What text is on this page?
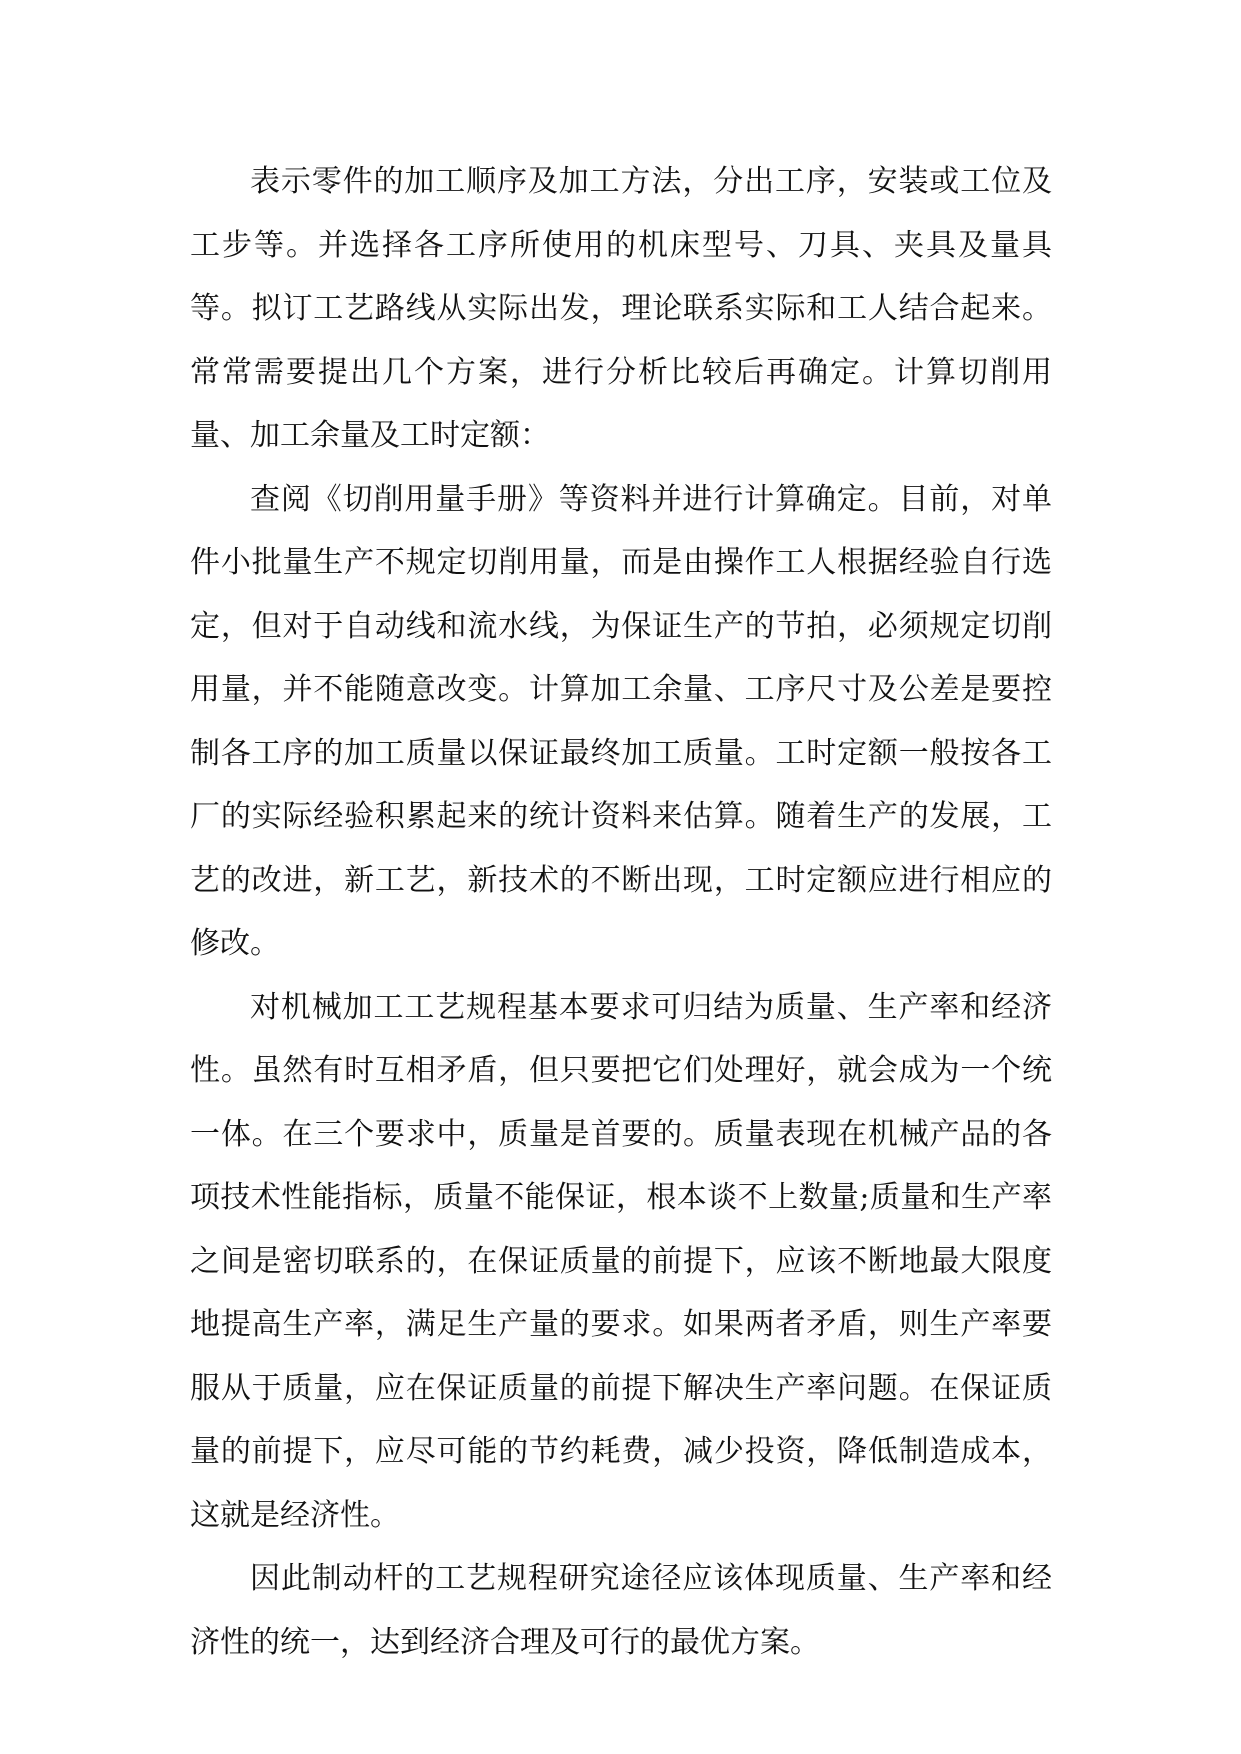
表示零件的加工顺序及加工方法，分出工序，安装或工位及工步等。并选择各工序所使用的机床型号、刀具、夹具及量具等。拟订工艺路线从实际出发，理论联系实际和工人结合起来。常常需要提出几个方案，进行分析比较后再确定。计算切削用量、加工余量及工时定额：

查阅《切削用量手册》等资料并进行计算确定。目前，对单件小批量生产不规定切削用量，而是由操作工人根据经验自行选定，但对于自动线和流水线，为保证生产的节拍，必须规定切削用量，并不能随意改变。计算加工余量、工序尺寸及公差是要控制各工序的加工质量以保证最终加工质量。工时定额一般按各工厂的实际经验积累起来的统计资料来估算。随着生产的发展，工艺的改进，新工艺，新技术的不断出现，工时定额应进行相应的修改。

对机械加工工艺规程基本要求可归结为质量、生产率和经济性。虽然有时互相矛盾，但只要把它们处理好，就会成为一个统一体。在三个要求中，质量是首要的。质量表现在机械产品的各项技术性能指标，质量不能保证，根本谈不上数量;质量和生产率之间是密切联系的，在保证质量的前提下，应该不断地最大限度地提高生产率，满足生产量的要求。如果两者矛盾，则生产率要服从于质量，应在保证质量的前提下解决生产率问题。在保证质量的前提下，应尽可能的节约耗费，减少投资，降低制造成本，这就是经济性。

因此制动杆的工艺规程研究途径应该体现质量、生产率和经济性的统一，达到经济合理及可行的最优方案。
